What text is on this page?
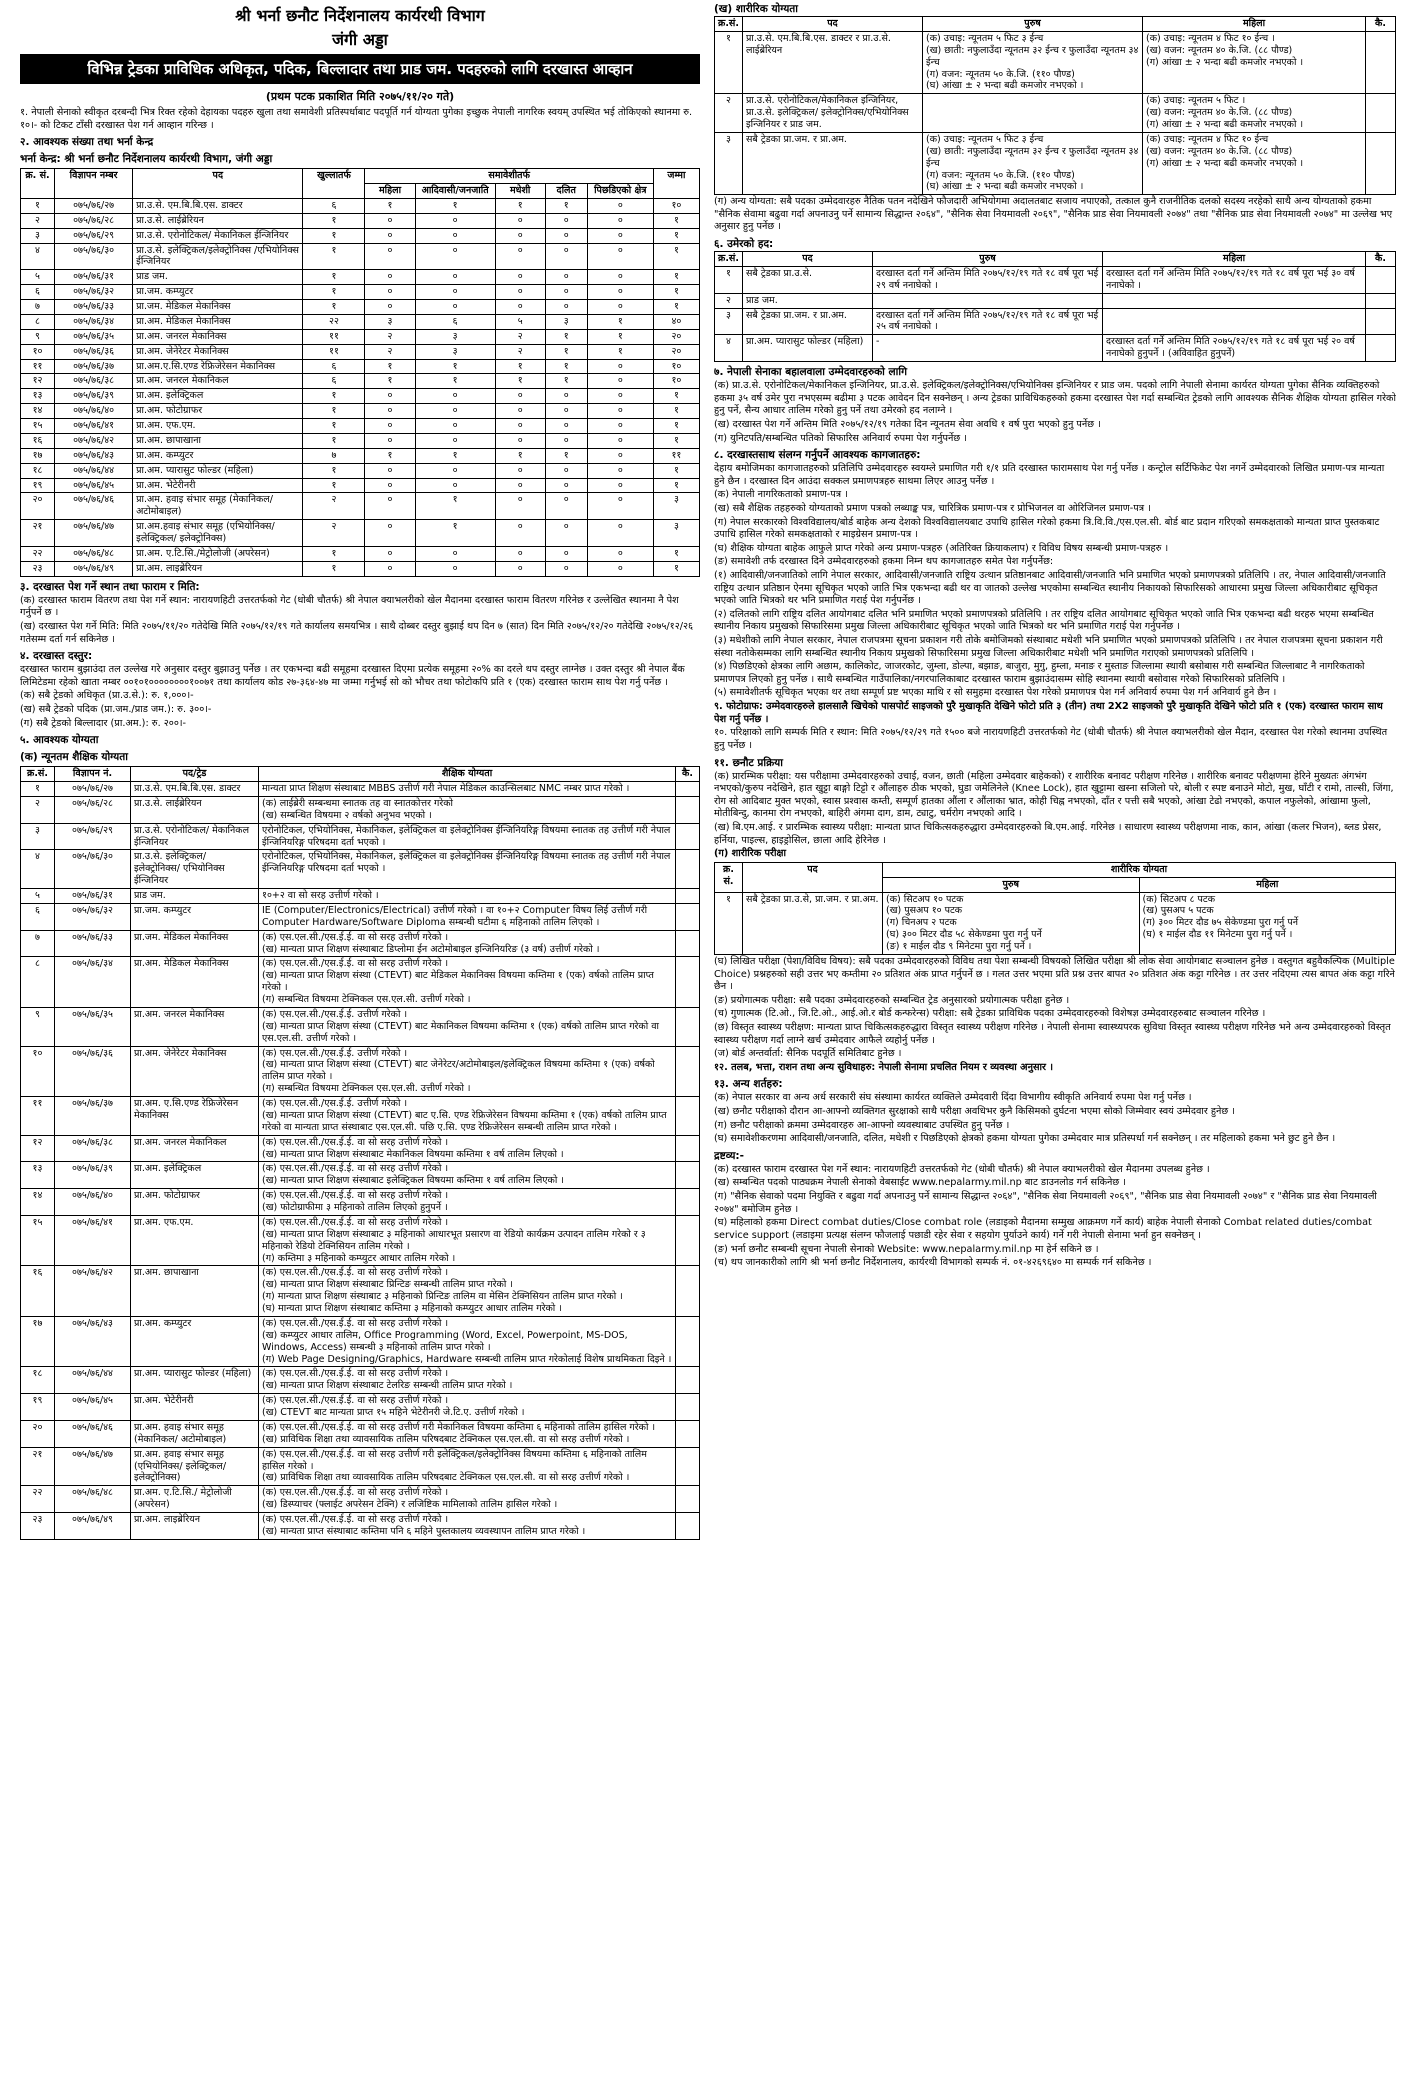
श्री भर्ना छनौट निर्देशनालय कार्यरथी विभाग
जंगी अड्डा
विभिन्न ट्रेडका प्राविधिक अधिकृत, पदिक, बिल्लादार तथा प्राड जम. पदहरुको लागि दरखास्त आव्हान
(प्रथम पटक प्रकाशित मिति २०७५/११/२० गते)

१. नेपाली सेनाको स्वीकृत दरबन्दी भित्र रिक्त रहेको देहायका पदहरु खुला तथा समावेशी प्रतिस्पर्धाबाट पदपूर्ति गर्न योग्यता पुगेका इच्छुक नेपाली नागरिक स्वयम् उपस्थित भई तोकिएको स्थानमा रु. १०।- को टिकट टाँसी दरखास्त पेश गर्न आव्हान गरिन्छ ।

२. आवश्यक संख्या तथा भर्ना केन्द्र
भर्ना केन्द्र: श्री भर्ना छनौट निर्देशनालय कार्यरथी विभाग, जंगी अड्डा
क्र. सं.	विज्ञापन नम्बर	पद	खुल्लातर्फ	समावेशीतर्फ					जम्मा
				महिला	आदिवासी/जनजाति	मधेशी	दलित	पिछडिएको क्षेत्र	
१	०७५/७६/२७	प्रा.उ.से. एम.बि.बि.एस. डाक्टर	६	१	१	१	१	०	१०
२	०७५/७६/२८	प्रा.उ.से. लाईब्रेरियन	१	०	०	०	०	०	१
३	०७५/७६/२९	प्रा.उ.से. एरोनोटिकल/ मेकानिकल ईन्जिनियर	१	०	०	०	०	०	१
४	०७५/७६/३०	प्रा.उ.से. इलेक्ट्रिकल/इलेक्ट्रोनिक्स /एभियोनिक्स ईन्जिनियर	१	०	०	०	०	०	१
५	०७५/७६/३१	प्राड जम.	१	०	०	०	०	०	१
६	०७५/७६/३२	प्रा.जम. कम्प्युटर	१	०	०	०	०	०	१
७	०७५/७६/३३	प्रा.जम. मेडिकल मेकानिक्स	१	०	०	०	०	०	१
८	०७५/७६/३४	प्रा.अम. मेडिकल मेकानिक्स	२२	३	६	५	३	१	४०
९	०७५/७६/३५	प्रा.अम. जनरल मेकानिक्स	११	२	३	२	१	१	२०
१०	०७५/७६/३६	प्रा.अम. जेनेरेटर मेकानिक्स	११	२	३	२	१	१	२०
११	०७५/७६/३७	प्रा.अम.ए.सि.एण्ड रेफ्रिजेरेसन मेकानिक्स	६	१	१	१	१	०	१०
१२	०७५/७६/३८	प्रा.अम. जनरल मेकानिकल	६	१	१	१	१	०	१०
१३	०७५/७६/३९	प्रा.अम. इलेक्ट्रिकल	१	०	०	०	०	०	१
१४	०७५/७६/४०	प्रा.अम. फोटोग्राफर	१	०	०	०	०	०	१
१५	०७५/७६/४१	प्रा.अम. एफ.एम.	१	०	०	०	०	०	१
१६	०७५/७६/४२	प्रा.अम. छापाखाना	१	०	०	०	०	०	१
१७	०७५/७६/४३	प्रा.अम. कम्प्युटर	७	१	१	१	१	०	११
१८	०७५/७६/४४	प्रा.अम. प्यारासुट फोल्डर (महिला)	१	०	०	०	०	०	१
१९	०७५/७६/४५	प्रा.अम. भेटेरीनरी	१	०	०	०	०	०	१
२०	०७५/७६/४६	प्रा.अम. हवाइ संभार समूह (मेकानिकल/अटोमोबाइल)	२	०	१	०	०	०	३
२१	०७५/७६/४७	प्रा.अम.हवाइ संभार समूह (एभियोनिक्स/इलेक्ट्रिकल/ इलेक्ट्रोनिक्स)	२	०	१	०	०	०	३
२२	०७५/७६/४८	प्रा.अम. ए.टि.सि./मेट्रोलोजी (अपरेसन)	१	०	०	०	०	०	१
२३	०७५/७६/४९	प्रा.अम. लाइब्रेरियन	१	०	०	०	०	०	१
३. दरखास्त पेश गर्ने स्थान तथा फाराम र मिति:

(क) दरखास्त फाराम वितरण तथा पेश गर्ने स्थान: नारायणहिटी उत्तरतर्फको गेट (धोबी चौतर्फ) श्री नेपाल क्याभलरीको खेल मैदानमा दरखास्त फाराम वितरण गरिनेछ र उल्लेखित स्थानमा नै पेश गर्नुपर्ने छ ।

(ख) दरखास्त पेश गर्ने मिति: मिति २०७५/११/२० गतेदेखि मिति २०७५/१२/१९ गते कार्यालय समयभित्र । साथै दोब्बर दस्तुर बुझाई थप दिन ७ (सात) दिन मिति २०७५/१२/२० गतेदेखि २०७५/१२/२६ गतेसम्म दर्ता गर्न सकिनेछ ।

४. दरखास्त दस्तुर:

दरखास्त फाराम बुझाउंदा तल उल्लेख गरे अनुसार दस्तुर बुझाउनु पर्नेछ । तर एकभन्दा बढी समूहमा दरखास्त दिएमा प्रत्येक समूहमा २०% का दरले थप दस्तुर लाग्नेछ । उक्त दस्तुर श्री नेपाल बैंक लिमिटेडमा रहेको खाता नम्बर ००१०१००००००००१००७१ तथा कार्यालय कोड २७-३६४-४७ मा जम्मा गर्नुभई सो को भौचर तथा फोटोकपि प्रति १ (एक) दरखास्त फाराम साथ पेश गर्नु पर्नेछ ।

(क) सबै ट्रेडको अधिकृत (प्रा.उ.से.): रु. १,०००।-

(ख) सबै ट्रेडको पदिक (प्रा.जम./प्राड जम.): रु. ३००।-

(ग) सबै ट्रेडको बिल्लादार (प्रा.अम.): रु. २००।-

५. आवश्यक योग्यता
(क) न्यूनतम शैक्षिक योग्यता
क्र.सं.	विज्ञापन नं.	पद/ट्रेड	शैक्षिक योग्यता	कै.
१	०७५/७६/२७	प्रा.उ.से. एम.बि.बि.एस. डाक्टर	मान्यता प्राप्त शिक्षण संस्थाबाट MBBS उत्तीर्ण गरी नेपाल मेडिकल काउन्सिलबाट NMC नम्बर प्राप्त गरेको ।	
२	०७५/७६/२८	प्रा.उ.से. लाईब्रेरियन	(क) लाईब्रेरी सम्बन्धमा स्नातक तह वा स्नातकोत्तर गरेको
(ख) सम्बन्धित विषयमा २ वर्षको अनुभव भएको ।	
३	०७५/७६/२९	प्रा.उ.से. एरोनोटिकल/ मेकानिकल ईन्जिनियर	एरोनोटिकल, एभियोनिक्स, मेकानिकल, इलेक्ट्रिकल वा इलेक्ट्रोनिक्स ईन्जिनियरिङ्ग विषयमा स्नातक तह उत्तीर्ण गरी नेपाल ईन्जिनियरिङ्ग परिषदमा दर्ता भएको ।	
४	०७५/७६/३०	प्रा.उ.से. इलेक्ट्रिकल/ इलेक्ट्रोनिक्स/ एभियोनिक्स ईन्जिनियर	एरोनोटिकल, एभियोनिक्स, मेकानिकल, इलेक्ट्रिकल वा इलेक्ट्रोनिक्स ईन्जिनियरिङ्ग विषयमा स्नातक तह उत्तीर्ण गरी नेपाल ईन्जिनियरिङ्ग परिषदमा दर्ता भएको ।	
५	०७५/७६/३१	प्राड जम.	१०+२ वा सो सरह उत्तीर्ण गरेको ।	
६	०७५/७६/३२	प्रा.जम. कम्प्युटर	IE (Computer/Electronics/Electrical) उत्तीर्ण गरेको । वा १०+२ Computer विषय लिई उत्तीर्ण गरी Computer Hardware/Software Diploma सम्बन्धी घटीमा ६ महिनाको तालिम लिएको ।	
७	०७५/७६/३३	प्रा.जम. मेडिकल मेकानिक्स	(क) एस.एल.सी./एस.ई.ई. वा सो सरह उत्तीर्ण गरेको ।
(ख) मान्यता प्राप्त शिक्षण संस्थाबाट डिप्लोमा ईन अटोमोबाइल इन्जिनियरिङ (३ वर्ष) उत्तीर्ण गरेको ।	
८	०७५/७६/३४	प्रा.अम. मेडिकल मेकानिक्स	(क) एस.एल.सी./एस.ई.ई. वा सो सरह उत्तीर्ण गरेको ।
(ख) मान्यता प्राप्त शिक्षण संस्था (CTEVT) बाट मेडिकल मेकानिक्स विषयमा कम्तिमा १ (एक) वर्षको तालिम प्राप्त गरेको ।
(ग) सम्बन्धित विषयमा टेक्निकल एस.एल.सी. उत्तीर्ण गरेको ।	
९	०७५/७६/३५	प्रा.अम. जनरल मेकानिक्स	(क) एस.एल.सी./एस.ई.ई. उत्तीर्ण गरेको ।
(ख) मान्यता प्राप्त शिक्षण संस्था (CTEVT) बाट मेकानिकल विषयमा कम्तिमा १ (एक) वर्षको तालिम प्राप्त गरेको वा एस.एल.सी. उत्तीर्ण गरेको ।	
१०	०७५/७६/३६	प्रा.अम. जेनेरेटर मेकानिक्स	(क) एस.एल.सी./एस.ई.ई. उत्तीर्ण गरेको ।
(ख) मान्यता प्राप्त शिक्षण संस्था (CTEVT) बाट जेनेरेटर/अटोमोबाइल/इलेक्ट्रिकल विषयमा कम्तिमा १ (एक) वर्षको तालिम प्राप्त गरेको ।
(ग) सम्बन्धित विषयमा टेक्निकल एस.एल.सी. उत्तीर्ण गरेको ।	
११	०७५/७६/३७	प्रा.अम. ए.सि.एण्ड रेफ्रिजेरेसन मेकानिक्स	(क) एस.एल.सी./एस.ई.ई. उत्तीर्ण गरेको ।
(ख) मान्यता प्राप्त शिक्षण संस्था (CTEVT) बाट ए.सि. एण्ड रेफ्रिजेरेसन विषयमा कम्तिमा १ (एक) वर्षको तालिम प्राप्त गरेको वा मान्यता प्राप्त संस्थाबाट एस.एल.सी. पछि ए.सि. एण्ड रेफ्रिजेरेसन सम्बन्धी तालिम प्राप्त गरेको ।	
१२	०७५/७६/३८	प्रा.अम. जनरल मेकानिकल	(क) एस.एल.सी./एस.ई.ई. वा सो सरह उत्तीर्ण गरेको ।
(ख) मान्यता प्राप्त शिक्षण संस्थाबाट मेकानिकल विषयमा कम्तिमा १ वर्ष तालिम लिएको ।	
१३	०७५/७६/३९	प्रा.अम. इलेक्ट्रिकल	(क) एस.एल.सी./एस.ई.ई. वा सो सरह उत्तीर्ण गरेको ।
(ख) मान्यता प्राप्त शिक्षण संस्थाबाट इलेक्ट्रिकल विषयमा कम्तिमा १ वर्ष तालिम लिएको ।	
१४	०७५/७६/४०	प्रा.अम. फोटोग्राफर	(क) एस.एल.सी./एस.ई.ई. वा सो सरह उत्तीर्ण गरेको ।
(ख) फोटोग्राफीमा ३ महिनाको तालिम लिएको हुनुपर्ने ।	
१५	०७५/७६/४१	प्रा.अम. एफ.एम.	(क) एस.एल.सी./एस.ई.ई. वा सो सरह उत्तीर्ण गरेको ।
(ख) मान्यता प्राप्त शिक्षण संस्थाबाट ३ महिनाको आधारभूत प्रसारण वा रेडियो कार्यक्रम उत्पादन तालिम गरेको र ३ महिनाको रेडियो टेक्निसियन तालिम गरेको ।
(ग) कम्तिमा ३ महिनाको कम्प्युटर आधार तालिम गरेको ।	
१६	०७५/७६/४२	प्रा.अम. छापाखाना	(क) एस.एल.सी./एस.ई.ई. वा सो सरह उत्तीर्ण गरेको ।
(ख) मान्यता प्राप्त शिक्षण संस्थाबाट प्रिन्टिङ सम्बन्धी तालिम प्राप्त गरेको ।
(ग) मान्यता प्राप्त शिक्षण संस्थाबाट ३ महिनाको प्रिन्टिङ तालिम वा मेसिन टेक्निसियन तालिम प्राप्त गरेको ।
(घ) मान्यता प्राप्त शिक्षण संस्थाबाट कम्तिमा ३ महिनाको कम्प्युटर आधार तालिम गरेको ।	
१७	०७५/७६/४३	प्रा.अम. कम्प्युटर	(क) एस.एल.सी./एस.ई.ई. वा सो सरह उत्तीर्ण गरेको ।
(ख) कम्प्युटर आधार तालिम, Office Programming (Word, Excel, Powerpoint, MS-DOS, Windows, Access) सम्बन्धी ३ महिनाको तालिम प्राप्त गरेको ।
(ग) Web Page Designing/Graphics, Hardware सम्बन्धी तालिम प्राप्त गरेकोलाई विशेष प्राथमिकता दिइने ।	
१८	०७५/७६/४४	प्रा.अम. प्यारासुट फोल्डर (महिला)	(क) एस.एल.सी./एस.ई.ई. वा सो सरह उत्तीर्ण गरेको ।
(ख) मान्यता प्राप्त शिक्षण संस्थाबाट टेलरिङ सम्बन्धी तालिम प्राप्त गरेको ।	
१९	०७५/७६/४५	प्रा.अम. भेटेरीनरी	(क) एस.एल.सी./एस.ई.ई. वा सो सरह उत्तीर्ण गरेको ।
(ख) CTEVT बाट मान्यता प्राप्त १५ महिने भेटेरीनरी जे.टि.ए. उत्तीर्ण गरेको ।	
२०	०७५/७६/४६	प्रा.अम. हवाइ संभार समूह (मेकानिकल/ अटोमोबाइल)	(क) एस.एल.सी./एस.ई.ई. वा सो सरह उत्तीर्ण गरी मेकानिकल विषयमा कम्तिमा ६ महिनाको तालिम हासिल गरेको ।
(ख) प्राविधिक शिक्षा तथा व्यावसायिक तालिम परिषदबाट टेक्निकल एस.एल.सी. वा सो सरह उत्तीर्ण गरेको ।	
२१	०७५/७६/४७	प्रा.अम. हवाइ संभार समूह (एभियोनिक्स/ इलेक्ट्रिकल/ इलेक्ट्रोनिक्स)	(क) एस.एल.सी./एस.ई.ई. वा सो सरह उत्तीर्ण गरी इलेक्ट्रिकल/इलेक्ट्रोनिक्स विषयमा कम्तिमा ६ महिनाको तालिम हासिल गरेको ।
(ख) प्राविधिक शिक्षा तथा व्यावसायिक तालिम परिषदबाट टेक्निकल एस.एल.सी. वा सो सरह उत्तीर्ण गरेको ।	
२२	०७५/७६/४८	प्रा.अम. ए.टि.सि./ मेट्रोलोजी (अपरेसन)	(क) एस.एल.सी./एस.ई.ई. वा सो सरह उत्तीर्ण गरेको ।
(ख) डिस्प्याचर (फ्लाईट अपरेसन टेक्नि) र लजिष्टिक मामिलाको तालिम हासिल गरेको ।	
२३	०७५/७६/४९	प्रा.अम. लाइब्रेरियन	(क) एस.एल.सी./एस.ई.ई. वा सो सरह उत्तीर्ण गरेको ।
(ख) मान्यता प्राप्त संस्थाबाट कम्तिमा पनि ६ महिने पुस्तकालय व्यवस्थापन तालिम प्राप्त गरेको ।	
(ख) शारीरिक योग्यता
क्र.सं.	पद	पुरुष	महिला	कै.
१	प्रा.उ.से. एम.बि.बि.एस. डाक्टर र प्रा.उ.से. लाईब्रेरियन	(क) उचाइ: न्यूनतम ५ फिट ३ ईन्च
(ख) छाती: नफुलाउँदा न्यूनतम ३२ ईन्च र फुलाउँदा न्यूनतम ३४ ईन्च
(ग) वजन: न्यूनतम ५० के.जि. (११० पौण्ड)
(घ) आंखा ± २ भन्दा बढी कमजोर नभएको ।	(क) उचाइ: न्यूनतम ४ फिट १० ईन्च ।
(ख) वजन: न्यूनतम ४० के.जि. (८८ पौण्ड)
(ग) आंखा ± २ भन्दा बढी कमजोर नभएको ।	
२	प्रा.उ.से. एरोनोटिकल/मेकानिकल इन्जिनियर, प्रा.उ.से. इलेक्ट्रिकल/ इलेक्ट्रोनिक्स/एभियोनिक्स इन्जिनियर र प्राड जम.		(क) उचाइ: न्यूनतम ५ फिट ।
(ख) वजन: न्यूनतम ४० के.जि. (८८ पौण्ड)
(ग) आंखा ± २ भन्दा बढी कमजोर नभएको ।	
३	सबै ट्रेडका प्रा.जम. र प्रा.अम.	(क) उचाइ: न्यूनतम ५ फिट ३ ईन्च
(ख) छाती: नफुलाउँदा न्यूनतम ३२ ईन्च र फुलाउँदा न्यूनतम ३४ ईन्च
(ग) वजन: न्यूनतम ५० के.जि. (११० पौण्ड)
(घ) आंखा ± २ भन्दा बढी कमजोर नभएको ।	(क) उचाइ: न्यूनतम ४ फिट १० ईन्च
(ख) वजन: न्यूनतम ४० के.जि. (८८ पौण्ड)
(ग) आंखा ± २ भन्दा बढी कमजोर नभएको ।	

(ग) अन्य योग्यता: सबै पदका उम्मेदवारहरु नैतिक पतन नदेखिने फौजदारी अभियोगमा अदालतबाट सजाय नपाएको, तत्काल कुनै राजनीतिक दलको सदस्य नरहेको साथै अन्य योग्यताको हकमा "सैनिक सेवामा बढुवा गर्दा अपनाउनु पर्ने सामान्य सिद्धान्त २०६४", "सैनिक सेवा नियमावली २०६९", "सैनिक प्राड सेवा नियमावली २०७४" तथा "सैनिक प्राड सेवा नियमावली २०७४" मा उल्लेख भए अनुसार हुनु पर्नेछ ।

६. उमेरको हद:
क्र.सं.	पद	पुरुष	महिला	कै.
१	सबै ट्रेडका प्रा.उ.से.	दरखास्त दर्ता गर्ने अन्तिम मिति २०७५/१२/१९ गते १८ वर्ष पूरा भई २९ वर्ष ननाघेको ।	दरखास्त दर्ता गर्ने अन्तिम मिति २०७५/१२/१९ गते १८ वर्ष पूरा भई ३० वर्ष ननाघेको ।	
२	प्राड जम.			
३	सबै ट्रेडका प्रा.जम. र प्रा.अम.	दरखास्त दर्ता गर्ने अन्तिम मिति २०७५/१२/१९ गते १८ वर्ष पूरा भई २५ वर्ष ननाघेको ।		
४	प्रा.अम. प्यारासुट फोल्डर (महिला)	-	दरखास्त दर्ता गर्ने अन्तिम मिति २०७५/१२/१९ गते १८ वर्ष पूरा भई २० वर्ष ननाघेको हुनुपर्ने । (अविवाहित हुनुपर्ने)	
७. नेपाली सेनाका बहालवाला उम्मेदवारहरुको लागि

(क) प्रा.उ.से. एरोनोटिकल/मेकानिकल इन्जिनियर, प्रा.उ.से. इलेक्ट्रिकल/इलेक्ट्रोनिक्स/एभियोनिक्स इन्जिनियर र प्राड जम. पदको लागि नेपाली सेनामा कार्यरत योग्यता पुगेका सैनिक व्यक्तिहरुको हकमा ३५ वर्ष उमेर पुरा नभएसम्म बढीमा ३ पटक आवेदन दिन सक्नेछन् । अन्य ट्रेडका प्राविधिकहरुको हकमा दरखास्त पेश गर्दा सम्बन्धित ट्रेडको लागि आवश्यक सैनिक शैक्षिक योग्यता हासिल गरेको हुनु पर्ने, सैन्य आधार तालिम गरेको हुनु पर्ने तथा उमेरको हद नलाग्ने ।

(ख) दरखास्त पेश गर्ने अन्तिम मिति २०७५/१२/१९ गतेका दिन न्यूनतम सेवा अवधि १ वर्ष पुरा भएको हुनु पर्नेछ ।

(ग) युनिटपति/सम्बन्धित पतिको सिफारिस अनिवार्य रुपमा पेश गर्नुपर्नेछ ।

८. दरखास्तसाथ संलग्न गर्नुपर्ने आवश्यक कागजातहरु:

देहाय बमोजिमका कागजातहरुको प्रतिलिपि उम्मेदवारहरु स्वयम्ले प्रमाणित गरी १/१ प्रति दरखास्त फारामसाथ पेश गर्नु पर्नेछ । कन्ट्रोल सर्टिफिकेट पेश नगर्ने उम्मेदवारको लिखित प्रमाण-पत्र मान्यता हुने छैन । दरखास्त दिन आउंदा सक्कल प्रमाणपत्रहरु साथमा लिएर आउनु पर्नेछ ।

(क) नेपाली नागरिकताको प्रमाण-पत्र ।

(ख) सबै शैक्षिक तहहरुको योग्यताको प्रमाण पत्रको लब्धाङ्क पत्र, चारित्रिक प्रमाण-पत्र र प्रोभिजनल वा ओरिजिनल प्रमाण-पत्र ।

(ग) नेपाल सरकारको विश्वविद्यालय/बोर्ड बाहेक अन्य देशको विश्वविद्यालयबाट उपाधि हासिल गरेको हकमा त्रि.वि.वि./एस.एल.सी. बोर्ड बाट प्रदान गरिएको समकक्षताको मान्यता प्राप्त पुस्तकबाट उपाधि हासिल गरेको समकक्षताको र माइग्रेसन प्रमाण-पत्र ।

(घ) शैक्षिक योग्यता बाहेक आफुले प्राप्त गरेको अन्य प्रमाण-पत्रहरु (अतिरिक्त क्रियाकलाप) र विविध विषय सम्बन्धी प्रमाण-पत्रहरु ।

(ङ) समावेशी तर्फ दरखास्त दिने उम्मेदवारहरुको हकमा निम्न थप कागजातहरु समेत पेश गर्नुपर्नेछ:

(१) आदिवासी/जनजातिको लागि नेपाल सरकार, आदिवासी/जनजाति राष्ट्रिय उत्थान प्रतिष्ठानबाट आदिवासी/जनजाति भनि प्रमाणित भएको प्रमाणपत्रको प्रतिलिपि । तर, नेपाल आदिवासी/जनजाति राष्ट्रिय उत्थान प्रतिष्ठान ऐनमा सूचिकृत भएको जाति भित्र एकभन्दा बढी थर वा जातको उल्लेख भएकोमा सम्बन्धित स्थानीय निकायको सिफारिसको आधारमा प्रमुख जिल्ला अधिकारीबाट सूचिकृत भएको जाति भित्रको थर भनि प्रमाणित गराई पेश गर्नुपर्नेछ ।

(२) दलितको लागि राष्ट्रिय दलित आयोगबाट दलित भनि प्रमाणित भएको प्रमाणपत्रको प्रतिलिपि । तर राष्ट्रिय दलित आयोगबाट सूचिकृत भएको जाति भित्र एकभन्दा बढी थरहरु भएमा सम्बन्धित स्थानीय निकाय प्रमुखको सिफारिसमा प्रमुख जिल्ला अधिकारीबाट सूचिकृत भएको जाति भित्रको थर भनि प्रमाणित गराई पेश गर्नुपर्नेछ ।

(३) मधेशीको लागि नेपाल सरकार, नेपाल राजपत्रमा सूचना प्रकाशन गरी तोके बमोजिमको संस्थाबाट मधेशी भनि प्रमाणित भएको प्रमाणपत्रको प्रतिलिपि । तर नेपाल राजपत्रमा सूचना प्रकाशन गरी संस्था नतोकेसम्मका लागि सम्बन्धित स्थानीय निकाय प्रमुखको सिफारिसमा प्रमुख जिल्ला अधिकारीबाट मधेशी भनि प्रमाणित गराएको प्रमाणपत्रको प्रतिलिपि ।

(४) पिछडिएको क्षेत्रका लागि अछाम, कालिकोट, जाजरकोट, जुम्ला, डोल्पा, बझाङ, बाजुरा, मुगु, हुम्ला, मनाङ र मुस्ताङ जिल्लामा स्थायी बसोबास गरी सम्बन्धित जिल्लाबाट नै नागरिकताको प्रमाणपत्र लिएको हुनु पर्नेछ । साथै सम्बन्धित गाउँपालिका/नगरपालिकाबाट दरखास्त फाराम बुझाउंदासम्म सोहि स्थानमा स्थायी बसोवास गरेको सिफारिसको प्रतिलिपि ।

(५) समावेशीतर्फ सूचिकृत भएका थर तथा सम्पूर्ण प्रष्ट भएका माथि र सो समुहमा दरखास्त पेश गरेको प्रमाणपत्र पेश गर्न अनिवार्य रुपमा पेश गर्न अनिवार्य हुने छैन ।

९. फोटोग्राफ: उम्मेदवारहरुले हालसालै खिचेको पासपोर्ट साइजको पुरै मुखाकृति देखिने फोटो प्रति ३ (तीन) तथा 2X2 साइजको पुरै मुखाकृति देखिने फोटो प्रति १ (एक) दरखास्त फाराम साथ पेश गर्नु पर्नेछ ।

१०. परिक्षाको लागि सम्पर्क मिति र स्थान: मिति २०७५/१२/२९ गते १५०० बजे नारायणहिटी उत्तरतर्फको गेट (धोबी चौतर्फ) श्री नेपाल क्याभलरीको खेल मैदान, दरखास्त पेश गरेको स्थानमा उपस्थित हुनु पर्नेछ ।

११. छनौट प्रक्रिया

(क) प्रारम्भिक परीक्षा: यस परीक्षामा उम्मेदवारहरुको उचाई, वजन, छाती (महिला उम्मेदवार बाहेकको) र शारीरिक बनावट परीक्षण गरिनेछ । शारीरिक बनावट परीक्षणमा हेरिने मुख्यतः अंगभंग नभएको/कुरुप नदेखिने, हात खुट्टा बाङ्गो टिट्टो र औंलाहरु ठीक भएको, घुडा जमेलिनेले (Knee Lock), हात खुट्टामा खस्ना सजिलो परे, बोली र स्पष्ट बनाउने मोटो, मुख, घाँटी र रामो, ताल्सी, जिंगा, रोग सो आदिबाट मुक्त भएको, स्वास प्रश्वास कम्ती, सम्पूर्ण हातका औंला र औंलाका भ्रात, कोही चिह्न नभएको, दाँत र पत्ती सबै भएको, आंखा टेढो नभएको, कपाल नफुलेको, आंखामा फुलो, मोतीबिन्दु, कानमा रोग नभएको, बाहिरी अंगमा दाग, डाम, ट्याटु, चर्मरोग नभएको आदि ।

(ख) बि.एम.आई. र प्रारम्भिक स्वास्थ्य परीक्षा: मान्यता प्राप्त चिकित्सकहरुद्धारा उम्मेदवारहरुको बि.एम.आई. गरिनेछ । साधारण स्वास्थ्य परीक्षणमा नाक, कान, आंखा (कलर भिजन), ब्लड प्रेसर, हर्निया, पाइल्स, हाइड्रोसिल, छाला आदि हेरिनेछ ।

(ग) शारीरिक परीक्षा

क्र. सं.	पद	शारीरिक योग्यता	
		पुरुष	महिला
१	सबै ट्रेडका प्रा.उ.से, प्रा.जम. र प्रा.अम.	(क) सिटअप १० पटक
(ख) पुसअप १० पटक
(ग) चिनअप २ पटक
(घ) ३०० मिटर दौड ५८ सेकेण्डमा पुरा गर्नु पर्ने
(ङ) १ माईल दौड ९ मिनेटमा पुरा गर्नु पर्ने ।	(क) सिटअप ८ पटक
(ख) पुसअप ५ पटक
(ग) ३०० मिटर दौड ७५ सेकेण्डमा पुरा गर्नु पर्ने
(घ) १ माईल दौड ११ मिनेटमा पुरा गर्नु पर्ने ।

(घ) लिखित परीक्षा (पेशा/विविध विषय): सबै पदका उम्मेदवारहरुको विविध तथा पेशा सम्बन्धी विषयको लिखित परीक्षा श्री लोक सेवा आयोगबाट सञ्चालन हुनेछ । वस्तुगत बहुवैकल्पिक (Multiple Choice) प्रश्नहरुको सही उत्तर भए कम्तीमा २० प्रतिशत अंक प्राप्त गर्नुपर्ने छ । गलत उत्तर भएमा प्रति प्रश्न उत्तर बापत २० प्रतिशत अंक कट्टा गरिनेछ । तर उत्तर नदिएमा त्यस बापत अंक कट्टा गरिने छैन ।

(ङ) प्रयोगात्मक परीक्षा: सबै पदका उम्मेदवारहरुको सम्बन्धित ट्रेड अनुसारको प्रयोगात्मक परीक्षा हुनेछ ।

(च) गुणात्मक (टि.ओ., जि.टि.ओ., आई.ओ.र बोर्ड कन्फरेन्स) परीक्षा: सबै ट्रेडका प्राविधिक पदका उम्मेदवारहरुको विशेषज्ञ उम्मेदवारहरुबाट सञ्चालन गरिनेछ ।

(छ) विस्तृत स्वास्थ्य परीक्षण: मान्यता प्राप्त चिकित्सकहरुद्धारा विस्तृत स्वास्थ्य परीक्षण गरिनेछ । नेपाली सेनामा स्वास्थ्यपरक सुविधा विस्तृत स्वास्थ्य परीक्षण गरिनेछ भने अन्य उम्मेदवारहरुको विस्तृत स्वास्थ्य परीक्षण गर्दा लाग्ने खर्च उम्मेदवार आफैले व्यहोर्नु पर्नेछ ।

(ज) बोर्ड अन्तर्वार्ता: सैनिक पदपूर्ति समितिबाट हुनेछ ।

१२. तलब, भत्ता, राशन तथा अन्य सुविधाहरु: नेपाली सेनामा प्रचलित नियम र व्यवस्था अनुसार ।

१३. अन्य शर्तहरु:

(क) नेपाल सरकार वा अन्य अर्ध सरकारी संघ संस्थामा कार्यरत व्यक्तिले उम्मेदवारी दिंदा विभागीय स्वीकृति अनिवार्य रुपमा पेश गर्नु पर्नेछ ।

(ख) छनौट परीक्षाको दौरान आ-आफ्नो व्यक्तिगत सुरक्षाको साथै परीक्षा अवधिभर कुनै किसिमको दुर्घटना भएमा सोको जिम्मेवार स्वयं उम्मेदवार हुनेछ ।

(ग) छनौट परीक्षाको क्रममा उम्मेदवारहरु आ-आफ्नो व्यवस्थाबाट उपस्थित हुनु पर्नेछ ।

(घ) समावेशीकरणमा आदिवासी/जनजाति, दलित, मधेशी र पिछडिएको क्षेत्रको हकमा योग्यता पुगेका उम्मेदवार मात्र प्रतिस्पर्धा गर्न सक्नेछन् । तर महिलाको हकमा भने छुट हुने छैन ।

द्रष्टव्य:-

(क) दरखास्त फाराम दरखास्त पेश गर्ने स्थान: नारायणहिटी उत्तरतर्फको गेट (धोबी चौतर्फ) श्री नेपाल क्याभलरीको खेल मैदानमा उपलब्ध हुनेछ ।

(ख) सम्बन्धित पदको पाठ्यक्रम नेपाली सेनाको वेबसाईट www.nepalarmy.mil.np बाट डाउनलोड गर्न सकिनेछ ।

(ग) "सैनिक सेवाको पदमा नियुक्ति र बढुवा गर्दा अपनाउनु पर्ने सामान्य सिद्धान्त २०६४", "सैनिक सेवा नियमावली २०६९", "सैनिक प्राड सेवा नियमावली २०७४" र "सैनिक प्राड सेवा नियमावली २०७४" बमोजिम हुनेछ ।

(घ) महिलाको हकमा Direct combat duties/Close combat role (लडाइको मैदानमा सम्मुख आक्रमण गर्ने कार्य) बाहेक नेपाली सेनाको Combat related duties/combat service support (लडाइमा प्रत्यक्ष संलग्न फौजलाई पछाडी रहेर सेवा र सहयोग पुर्याउने कार्य) गर्ने गरी नेपाली सेनामा भर्ना हुन सक्नेछन् ।

(ङ) भर्ना छनौट सम्बन्धी सूचना नेपाली सेनाको Website: www.nepalarmy.mil.np मा हेर्न सकिने छ ।

(च) थप जानकारीको लागि श्री भर्ना छनौट निर्देशनालय, कार्यरथी विभागको सम्पर्क नं. ०१-४२६९६४० मा सम्पर्क गर्न सकिनेछ ।
